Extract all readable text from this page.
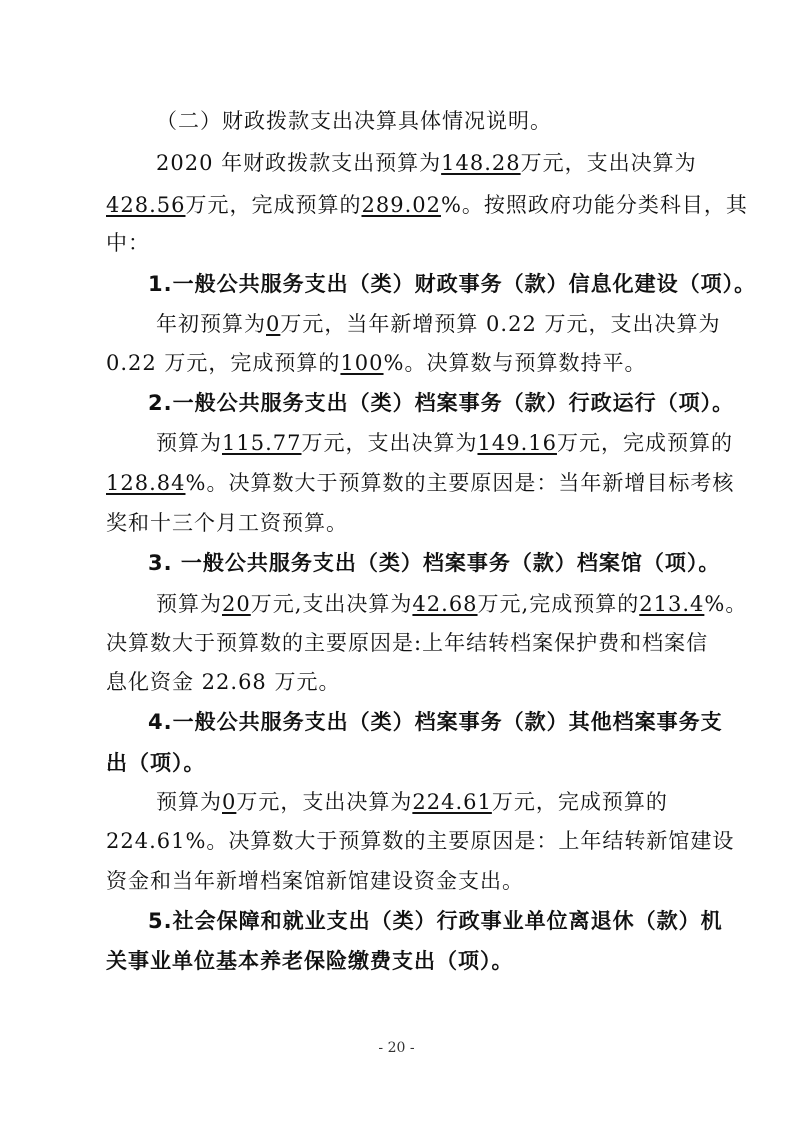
（二）财政拨款支出决算具体情况说明。
2020 年财政拨款支出预算为148.28万元，支出决算为
428.56万元，完成预算的289.02%。按照政府功能分类科目，其
中：
1.一般公共服务支出（类）财政事务（款）信息化建设（项）。
年初预算为0万元，当年新增预算 0.22 万元，支出决算为
0.22 万元，完成预算的100%。决算数与预算数持平。
2.一般公共服务支出（类）档案事务（款）行政运行（项）。
预算为115.77万元，支出决算为149.16万元，完成预算的
128.84%。决算数大于预算数的主要原因是：当年新增目标考核
奖和十三个月工资预算。
3. 一般公共服务支出（类）档案事务（款）档案馆（项）。
预算为20万元,支出决算为42.68万元,完成预算的213.4%。
决算数大于预算数的主要原因是:上年结转档案保护费和档案信
息化资金 22.68 万元。
4.一般公共服务支出（类）档案事务（款）其他档案事务支
出（项）。
预算为0万元，支出决算为224.61万元，完成预算的
224.61%。决算数大于预算数的主要原因是：上年结转新馆建设
资金和当年新增档案馆新馆建设资金支出。
5.社会保障和就业支出（类）行政事业单位离退休（款）机
关事业单位基本养老保险缴费支出（项）。
- 20 -
